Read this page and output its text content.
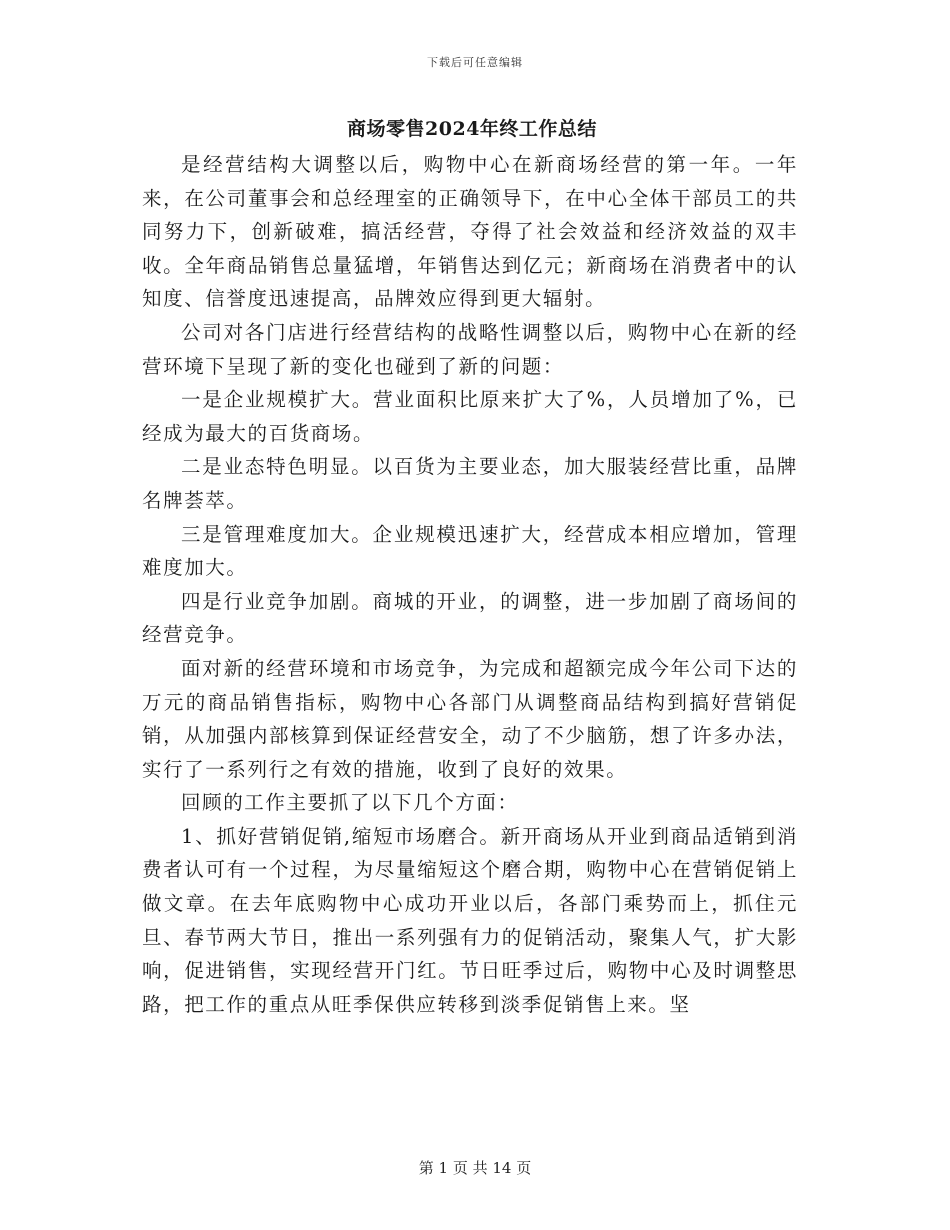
下载后可任意编辑
商场零售2024年终工作总结

是经营结构大调整以后，购物中心在新商场经营的第一年。一年来，在公司董事会和总经理室的正确领导下，在中心全体干部员工的共同努力下，创新破难，搞活经营，夺得了社会效益和经济效益的双丰收。全年商品销售总量猛增，年销售达到亿元；新商场在消费者中的认知度、信誉度迅速提高，品牌效应得到更大辐射。

公司对各门店进行经营结构的战略性调整以后，购物中心在新的经营环境下呈现了新的变化也碰到了新的问题：

一是企业规模扩大。营业面积比原来扩大了%，人员增加了%，已经成为最大的百货商场。

二是业态特色明显。以百货为主要业态，加大服装经营比重，品牌名牌荟萃。

三是管理难度加大。企业规模迅速扩大，经营成本相应增加，管理难度加大。

四是行业竞争加剧。商城的开业，的调整，进一步加剧了商场间的经营竞争。

面对新的经营环境和市场竞争，为完成和超额完成今年公司下达的万元的商品销售指标，购物中心各部门从调整商品结构到搞好营销促销，从加强内部核算到保证经营安全，动了不少脑筋，想了许多办法，实行了一系列行之有效的措施，收到了良好的效果。

回顾的工作主要抓了以下几个方面：

1、抓好营销促销,缩短市场磨合。新开商场从开业到商品适销到消费者认可有一个过程，为尽量缩短这个磨合期，购物中心在营销促销上做文章。在去年底购物中心成功开业以后，各部门乘势而上，抓住元旦、春节两大节日，推出一系列强有力的促销活动，聚集人气，扩大影响，促进销售，实现经营开门红。节日旺季过后，购物中心及时调整思路，把工作的重点从旺季保供应转移到淡季促销售上来。坚

第 1 页 共 14 页
